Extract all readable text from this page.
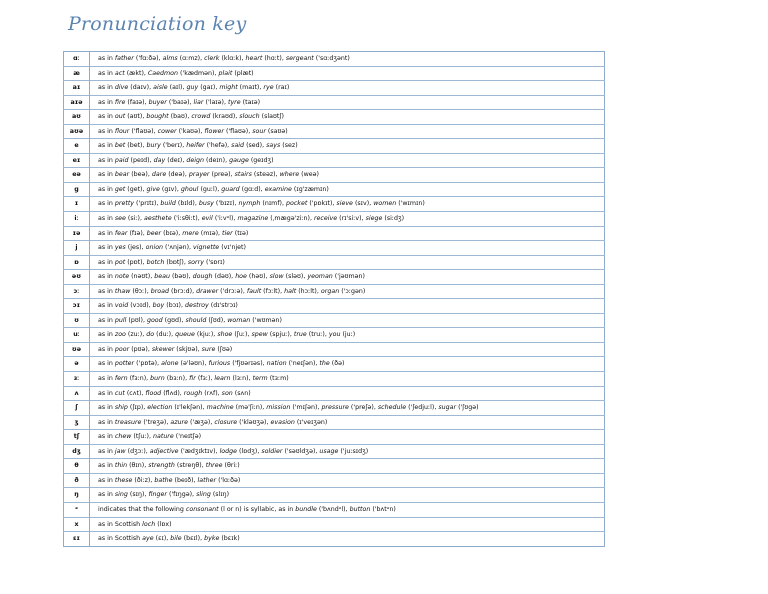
Pronunciation key
ɑː	as in father ('fɑːðə), alms (ɑːmz), clerk (klɑːk), heart (hɑːt), sergeant ('sɑːdʒənt)
æ	as in act (ækt), Caedmon ('kædmən), plait (plæt)
aɪ	as in dive (daɪv), aisle (aɪl), guy (gaɪ), might (maɪt), rye (raɪ)
aɪə	as in fire (faɪə), buyer ('baɪə), liar ('laɪə), tyre (taɪə)
aʊ	as in out (aʊt), bought (baʊ), crowd (kraʊd), slouch (slaʊtʃ)
aʊə	as in flour ('flaʊə), cower ('kaʊə), flower ('flaʊə), sour (saʊə)
e	as in bet (bet), bury ('berɪ), heifer ('hefə), said (sed), says (sez)
eɪ	as in paid (peɪd), day (deɪ), deign (deɪn), gauge (geɪdʒ)
eə	as in bear (beə), dare (deə), prayer (preə), stairs (steəz), where (weə)
g	as in get (get), give (gɪv), ghoul (guːl), guard (gɑːd), examine (ɪg'zæmɪn)
ɪ	as in pretty ('prɪtɪ), build (bɪld), busy ('bɪzɪ), nymph (nɪmf), pocket ('pɒkɪt), sieve (sɪv), women ('wɪmɪn)
iː	as in see (siː), aesthete ('iːsθiːt), evil ('iːvᵊl), magazine (ˌmægə'ziːn), receive (rɪ'siːv), siege (siːdʒ)
ɪə	as in fear (fɪə), beer (bɪə), mere (mɪə), tier (tɪə)
j	as in yes (jes), onion ('ʌnjən), vignette (vɪ'njet)
ɒ	as in pot (pɒt), botch (bɒtʃ), sorry ('sɒrɪ)
əʊ	as in note (nəʊt), beau (bəʊ), dough (dəʊ), hoe (həʊ), slow (sləʊ), yeoman ('jəʊmən)
ɔː	as in thaw (θɔː), broad (brɔːd), drawer ('drɔːə), fault (fɔːlt), halt (hɔːlt), organ ('ɔːgən)
ɔɪ	as in void (vɔɪd), boy (bɔɪ), destroy (dɪ'strɔɪ)
ʊ	as in pull (pʊl), good (gʊd), should (ʃʊd), woman ('wʊmən)
uː	as in zoo (zuː), do (duː), queue (kjuː), shoe (ʃuː), spew (spjuː), true (truː), you (juː)
ʊə	as in poor (pʊə), skewer (skjʊə), sure (ʃʊə)
ə	as in potter ('pɒtə), alone (ə'ləʊn), furious ('fjʊərɪəs), nation ('neɪʃən), the (ðə)
ɜː	as in fern (fɜːn), burn (bɜːn), fir (fɜː), learn (lɜːn), term (tɜːm)
ʌ	as in cut (cʌt), flood (flʌd), rough (rʌf), son (sʌn)
ʃ	as in ship (ʃɪp), election (ɪ'lekʃən), machine (mə'ʃiːn), mission ('mɪʃən), pressure ('preʃə), schedule ('ʃedjuːl), sugar ('ʃʊgə)
ʒ	as in treasure ('treʒə), azure ('æʒə), closure ('kləʊʒə), evasion (ɪ'veɪʒən)
tʃ	as in chew (tʃuː), nature ('neɪtʃə)
dʒ	as in jaw (dʒɔː), adjective ('ædʒɪktɪv), lodge (lɒdʒ), soldier ('səʊldʒə), usage ('juːsɪdʒ)
θ	as in thin (θɪn), strength (streŋθ), three (θriː)
ð	as in these (ðiːz), bathe (beɪð), lather ('lɑːðə)
ŋ	as in sing (sɪŋ), finger ('fɪŋgə), sling (slɪŋ)
ᵊ	indicates that the following consonant (l or n) is syllabic, as in bundle ('bʌndᵊl), button ('bʌtᵊn)
x	as in Scottish loch (lɒx)
ɛɪ	as in Scottish aye (ɛɪ), bile (bɛɪl), byke (bɛɪk)
